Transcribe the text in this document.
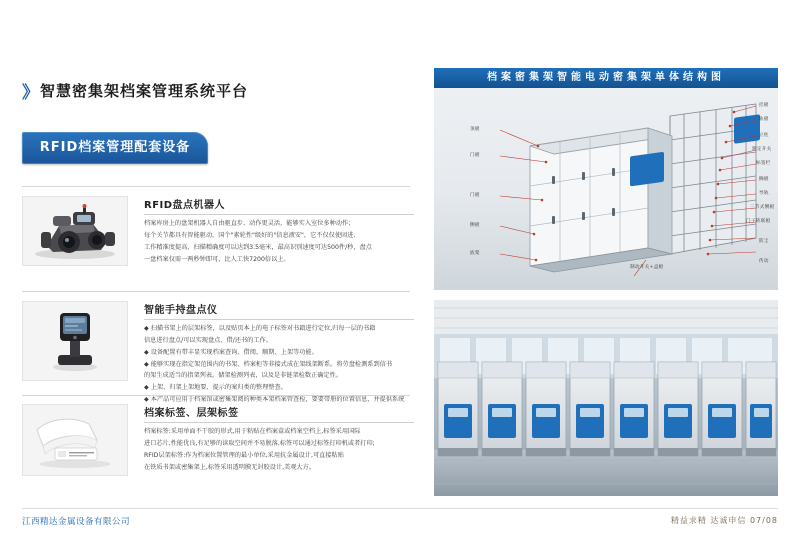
》 智慧密集架档案管理系统平台
RFID档案管理配套设备
RFID盘点机器人

档案库房上的盘架机器人自由驱直步、动作更灵活，能够实入室位多种动作；

每个关节都具有智能驱动，国个"素轮性"级好的"信息液安"，它不仅仅使固进、

工作精准度提高，扫描精确度可以达到3.5毫米，最高识别速度可达500件/秒，盘点

一盘档案仅需一两秒钟即可，比人工快7200倍以上。

智能手持盘点仪

◆ 扫描书架上的层架标签，以及贴页本上的电子标签对书籍进行定位,归每一层的书籍

信息进行盘点/可以实现盘点、借/还书的工作。

◆ 设备配置有带丰显实现档案查询、借阅、顺期、上架等功能。

◆ 能够实现在指定架范围内的书架、档案柜等非接式成在架线架断系。将劳盘检测系到信书

的架生成适当的指架列表。储架检测列表，以及是非链架检数正确定性。

◆ 上架、归架上架地要、提示的案归类的整理整查。

◆ 本产品可应用于档案馆或密集架阅的种类本架档案管查检，要要带册的位置信息，并提供系统

档案标签、层架标签

档案标签:采用单面不干胶的形式,用于粘贴在档案盒或档案空档上,标签采用国际

进口芯片,性能优良,有足够的读取空间并不易脱落,标签可以通过标签打印机或者打印;

RFID层架标签:作为档案位置管理的最小单位,采用抗金属设计,可直接粘贴

在铁质书架或密集架上,标签采用透明膜无封胶设计,美观大方。

档案密集架智能电动密集架单体结构图
顶板
门板
门板
侧板
底架
挂板
轨板
立柱
锁定开关
标签栏
搁板
导轨
三节式侧板
门子转联板
防尘
传动
制动开关+盒板
江西精达金属设备有限公司	精益求精 达诚申信 07/08
